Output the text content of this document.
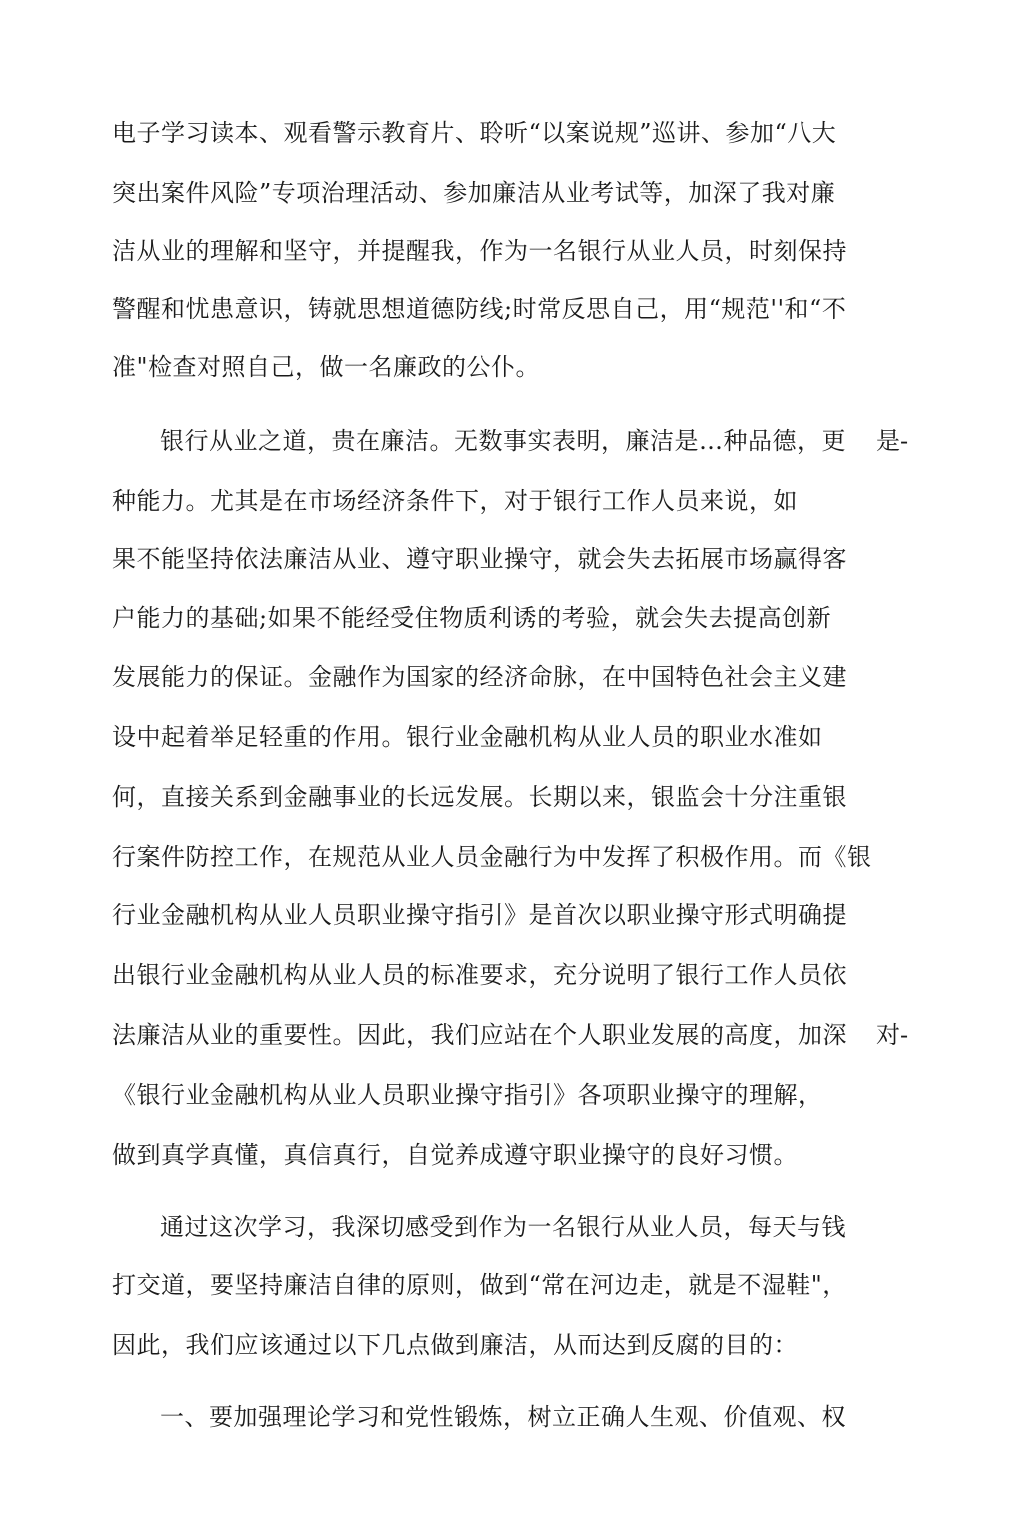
电子学习读本、观看警示教育片、聆听“以案说规”巡讲、参加“八大
突出案件风险”专项治理活动、参加廉洁从业考试等，加深了我对廉
洁从业的理解和坚守，并提醒我，作为一名银行从业人员，时刻保持
警醒和忧患意识，铸就思想道德防线;时常反思自己，用“规范''和“不
准"检查对照自己，做一名廉政的公仆。
银行从业之道，贵在廉洁。无数事实表明，廉洁是…种品德，更 是-
种能力。尤其是在市场经济条件下，对于银行工作人员来说，如
果不能坚持依法廉洁从业、遵守职业操守，就会失去拓展市场赢得客
户能力的基础;如果不能经受住物质利诱的考验，就会失去提高创新
发展能力的保证。金融作为国家的经济命脉，在中国特色社会主义建
设中起着举足轻重的作用。银行业金融机构从业人员的职业水准如
何，直接关系到金融事业的长远发展。长期以来，银监会十分注重银
行案件防控工作，在规范从业人员金融行为中发挥了积极作用。而《银
行业金融机构从业人员职业操守指引》是首次以职业操守形式明确提
出银行业金融机构从业人员的标准要求，充分说明了银行工作人员依
法廉洁从业的重要性。因此，我们应站在个人职业发展的高度，加深 对-
《银行业金融机构从业人员职业操守指引》各项职业操守的理解，
做到真学真懂，真信真行，自觉养成遵守职业操守的良好习惯。
通过这次学习，我深切感受到作为一名银行从业人员，每天与钱
打交道，要坚持廉洁自律的原则，做到“常在河边走，就是不湿鞋"，
因此，我们应该通过以下几点做到廉洁，从而达到反腐的目的：
一、要加强理论学习和党性锻炼，树立正确人生观、价值观、权
